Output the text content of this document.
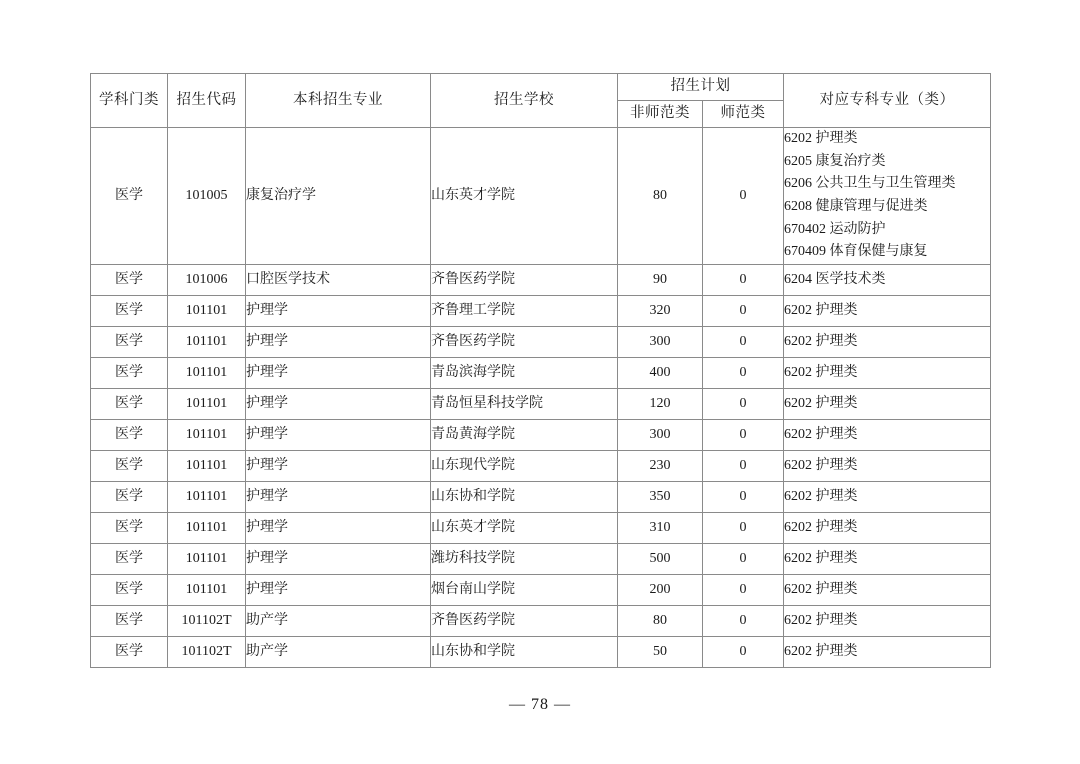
学科门类	招生代码	本科招生专业	招生学校	招生计划		对应专科专业（类）
				非师范类	师范类	
医学	101005	康复治疗学	山东英才学院	80	0	
6202 护理类
6205 康复治疗类
6206 公共卫生与卫生管理类
6208 健康管理与促进类
670402 运动防护
670409 体育保健与康复

医学	101006	口腔医学技术	齐鲁医药学院	90	0	6204 医学技术类

医学	101101	护理学	齐鲁理工学院	320	0	6202 护理类

医学	101101	护理学	齐鲁医药学院	300	0	6202 护理类

医学	101101	护理学	青岛滨海学院	400	0	6202 护理类

医学	101101	护理学	青岛恒星科技学院	120	0	6202 护理类

医学	101101	护理学	青岛黄海学院	300	0	6202 护理类

医学	101101	护理学	山东现代学院	230	0	6202 护理类

医学	101101	护理学	山东协和学院	350	0	6202 护理类

医学	101101	护理学	山东英才学院	310	0	6202 护理类

医学	101101	护理学	潍坊科技学院	500	0	6202 护理类

医学	101101	护理学	烟台南山学院	200	0	6202 护理类

医学	101102T	助产学	齐鲁医药学院	80	0	6202 护理类

医学	101102T	助产学	山东协和学院	50	0	6202 护理类
— 78 —
